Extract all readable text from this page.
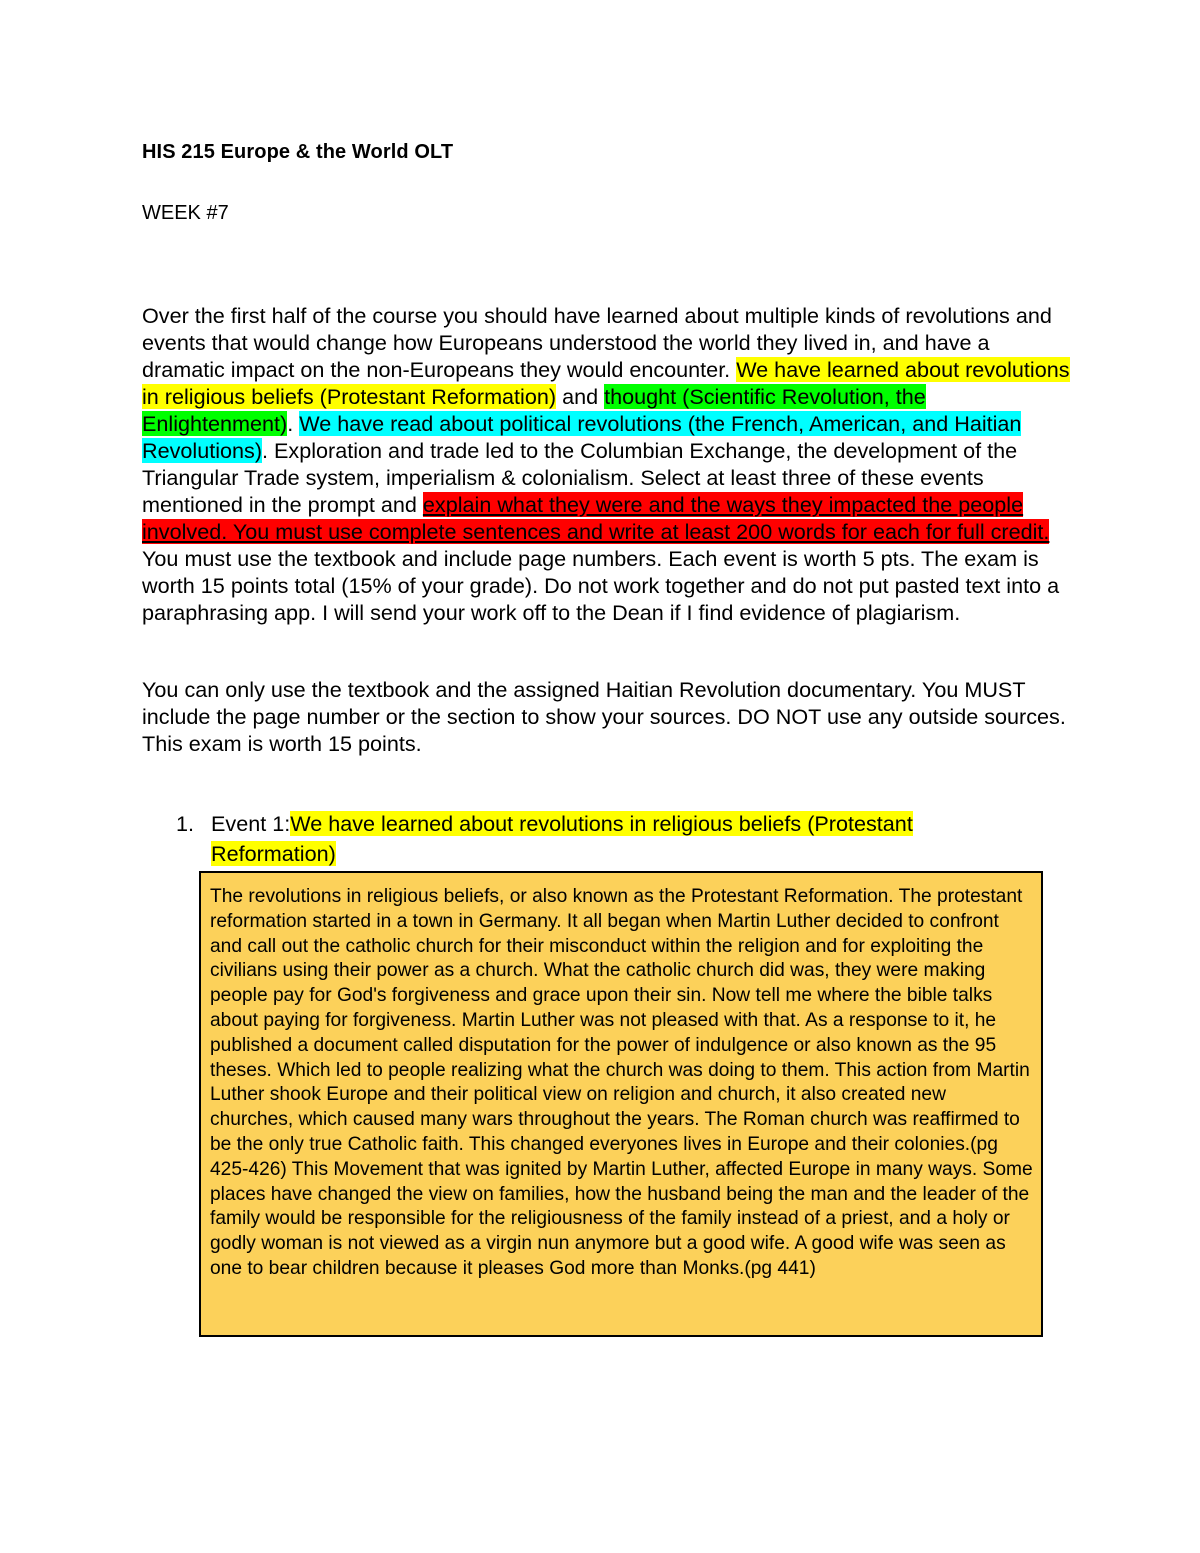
HIS 215 Europe & the World OLT
WEEK #7

Over the first half of the course you should have learned about multiple kinds of revolutions and events that would change how Europeans understood the world they lived in, and have a dramatic impact on the non-Europeans they would encounter. We have learned about revolutions in religious beliefs (Protestant Reformation) and thought (Scientific Revolution, the Enlightenment). We have read about political revolutions (the French, American, and Haitian Revolutions). Exploration and trade led to the Columbian Exchange, the development of the Triangular Trade system, imperialism & colonialism. Select at least three of these events mentioned in the prompt and explain what they were and the ways they impacted the people involved. You must use complete sentences and write at least 200 words for each for full credit. You must use the textbook and include page numbers. Each event is worth 5 pts. The exam is worth 15 points total (15% of your grade). Do not work together and do not put pasted text into a paraphrasing app. I will send your work off to the Dean if I find evidence of plagiarism.

You can only use the textbook and the assigned Haitian Revolution documentary. You MUST include the page number or the section to show your sources. DO NOT use any outside sources. This exam is worth 15 points.

1. Event 1:We have learned about revolutions in religious beliefs (Protestant Reformation)

The revolutions in religious beliefs, or also known as the Protestant Reformation. The protestant reformation started in a town in Germany. It all began when Martin Luther decided to confront and call out the catholic church for their misconduct within the religion and for exploiting the civilians using their power as a church. What the catholic church did was, they were making people pay for God's forgiveness and grace upon their sin. Now tell me where the bible talks about paying for forgiveness. Martin Luther was not pleased with that. As a response to it, he published a document called disputation for the power of indulgence or also known as the 95 theses. Which led to people realizing what the church was doing to them. This action from Martin Luther shook Europe and their political view on religion and church, it also created new churches, which caused many wars throughout the years. The Roman church was reaffirmed to be the only true Catholic faith. This changed everyones lives in Europe and their colonies.(pg 425-426) This Movement that was ignited by Martin Luther, affected Europe in many ways. Some places have changed the view on families, how the husband being the man and the leader of the family would be responsible for the religiousness of the family instead of a priest, and a holy or godly woman is not viewed as a virgin nun anymore but a good wife. A good wife was seen as one to bear children because it pleases God more than Monks.(pg 441)
